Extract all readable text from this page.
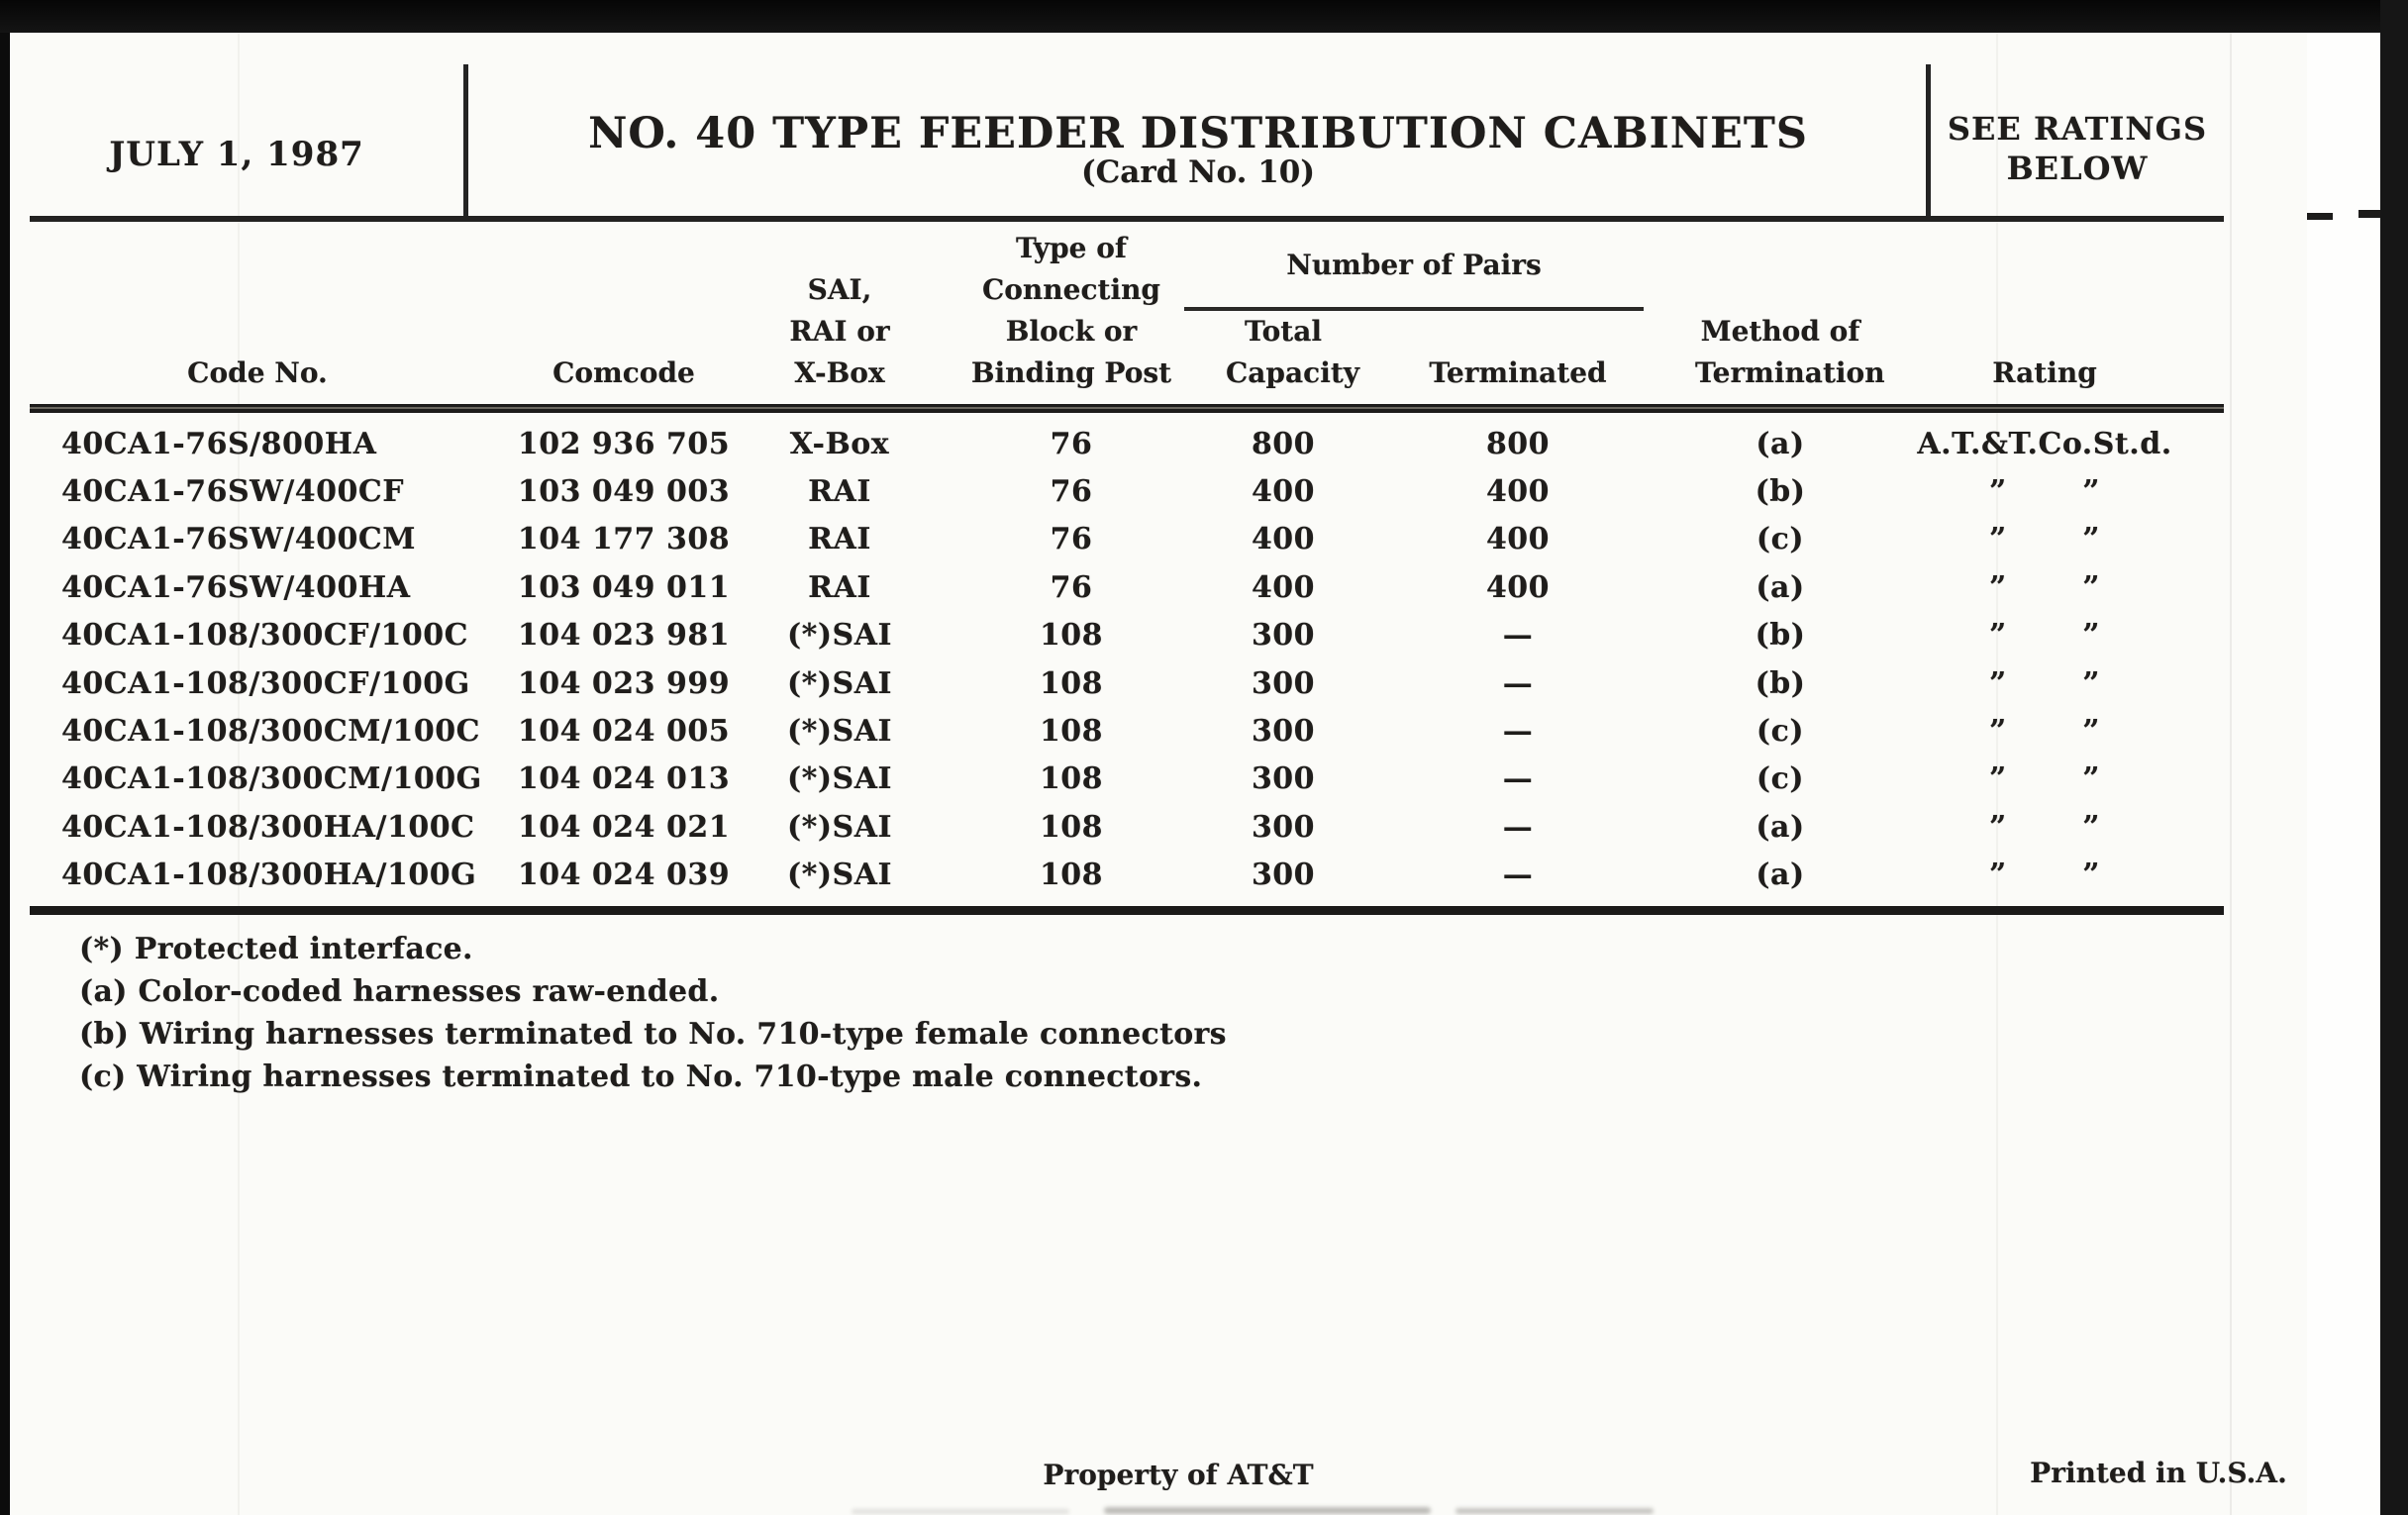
JULY 1, 1987	NO. 40 TYPE FEEDER DISTRIBUTION CABINETS
(Card No. 10)
SEE RATINGS
BELOW
Number of Pairs
Code No.	Comcode
SAI,
RAI or
X-Box
Type of
Connecting
Block or
Binding Post
Total
Capacity	Terminated
Method of
Termination	Rating
40CA1-76S/800HA	102 936 705	X-Box	76	800	800	(a)	A.T.&T.Co.St.d.
40CA1-76SW/400CF	103 049 003	RAI	76	400	400	(b)	”   ”
40CA1-76SW/400CM	104 177 308	RAI	76	400	400	(c)	”   ”
40CA1-76SW/400HA	103 049 011	RAI	76	400	400	(a)	”   ”
40CA1-108/300CF/100C	104 023 981	(*)SAI	108	300	—	(b)	”   ”
40CA1-108/300CF/100G	104 023 999	(*)SAI	108	300	—	(b)	”   ”
40CA1-108/300CM/100C	104 024 005	(*)SAI	108	300	—	(c)	”   ”
40CA1-108/300CM/100G	104 024 013	(*)SAI	108	300	—	(c)	”   ”
40CA1-108/300HA/100C	104 024 021	(*)SAI	108	300	—	(a)	”   ”
40CA1-108/300HA/100G	104 024 039	(*)SAI	108	300	—	(a)	”   ”
(*) Protected interface.
(a) Color-coded harnesses raw-ended.
(b) Wiring harnesses terminated to No. 710-type female connectors
(c) Wiring harnesses terminated to No. 710-type male connectors.
Property of AT&T	Printed in U.S.A.
